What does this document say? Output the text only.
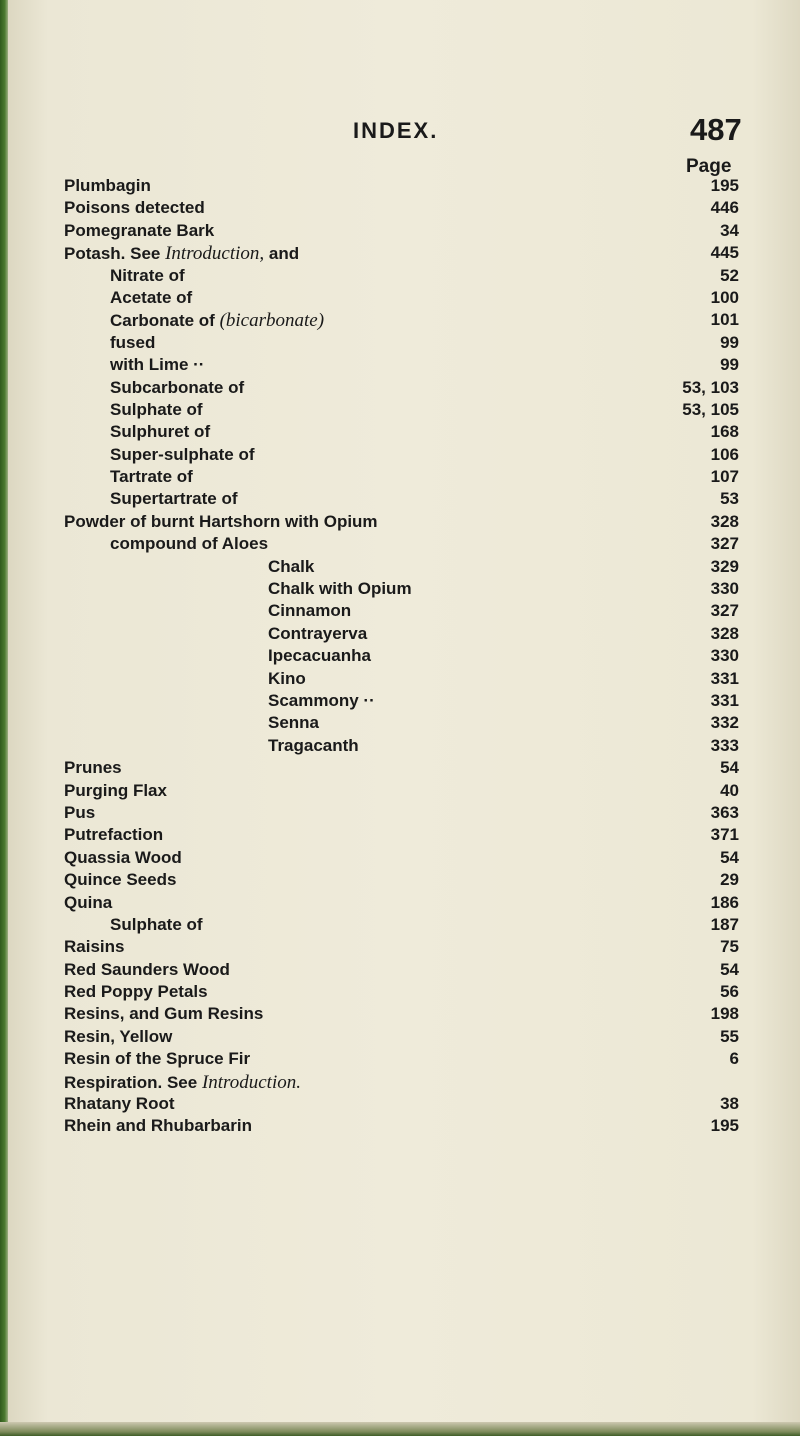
INDEX.	487
Page
Plumbagin	195
Poisons detected	446
Pomegranate Bark	34
Potash. See Introduction, and	445
Nitrate of	52
Acetate of	100
Carbonate of (bicarbonate)	101
fused	99
with Lime ··	99
Subcarbonate of	53, 103
Sulphate of	53, 105
Sulphuret of	168
Super-sulphate of	106
Tartrate of	107
Supertartrate of	53
Powder of burnt Hartshorn with Opium	328
compound of Aloes	327
Chalk	329
Chalk with Opium	330
Cinnamon	327
Contrayerva	328
Ipecacuanha	330
Kino	331
Scammony ··	331
Senna	332
Tragacanth	333
Prunes	54
Purging Flax	40
Pus	363
Putrefaction	371
Quassia Wood	54
Quince Seeds	29
Quina	186
Sulphate of	187
Raisins	75
Red Saunders Wood	54
Red Poppy Petals	56
Resins, and Gum Resins	198
Resin, Yellow	55
Resin of the Spruce Fir	6
Respiration. See Introduction.
Rhatany Root	38
Rhein and Rhubarbarin	195
